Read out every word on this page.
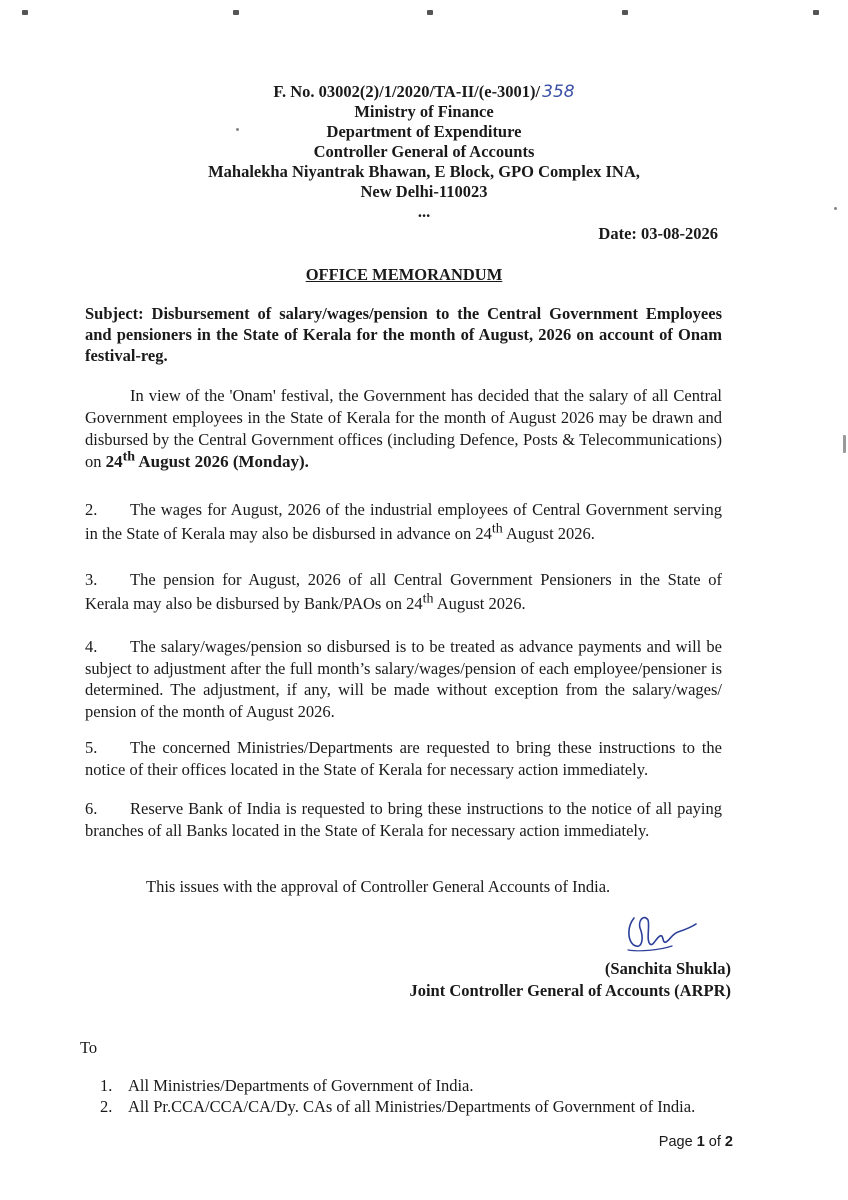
F. No. 03002(2)/1/2020/TA-II/(e-3001)/ 358
Ministry of Finance
Department of Expenditure
Controller General of Accounts
Mahalekha Niyantrak Bhawan, E Block, GPO Complex INA,
New Delhi-110023
...
Date: 03-08-2026
OFFICE MEMORANDUM
Subject: Disbursement of salary/wages/pension to the Central Government Employees and pensioners in the State of Kerala for the month of August, 2026 on account of Onam festival-reg.
In view of the 'Onam' festival, the Government has decided that the salary of all Central Government employees in the State of Kerala for the month of August 2026 may be drawn and disbursed by the Central Government offices (including Defence, Posts & Telecommunications) on 24th August 2026 (Monday).
2. The wages for August, 2026 of the industrial employees of Central Government serving in the State of Kerala may also be disbursed in advance on 24th August 2026.
3. The pension for August, 2026 of all Central Government Pensioners in the State of Kerala may also be disbursed by Bank/PAOs on 24th August 2026.
4. The salary/wages/pension so disbursed is to be treated as advance payments and will be subject to adjustment after the full month’s salary/wages/pension of each employee/pensioner is determined. The adjustment, if any, will be made without exception from the salary/wages/ pension of the month of August 2026.
5. The concerned Ministries/Departments are requested to bring these instructions to the notice of their offices located in the State of Kerala for necessary action immediately.
6. Reserve Bank of India is requested to bring these instructions to the notice of all paying branches of all Banks located in the State of Kerala for necessary action immediately.
This issues with the approval of Controller General Accounts of India.
(Sanchita Shukla)
Joint Controller General of Accounts (ARPR)
To
1. All Ministries/Departments of Government of India.
2. All Pr.CCA/CCA/CA/Dy. CAs of all Ministries/Departments of Government of India.
Page 1 of 2
